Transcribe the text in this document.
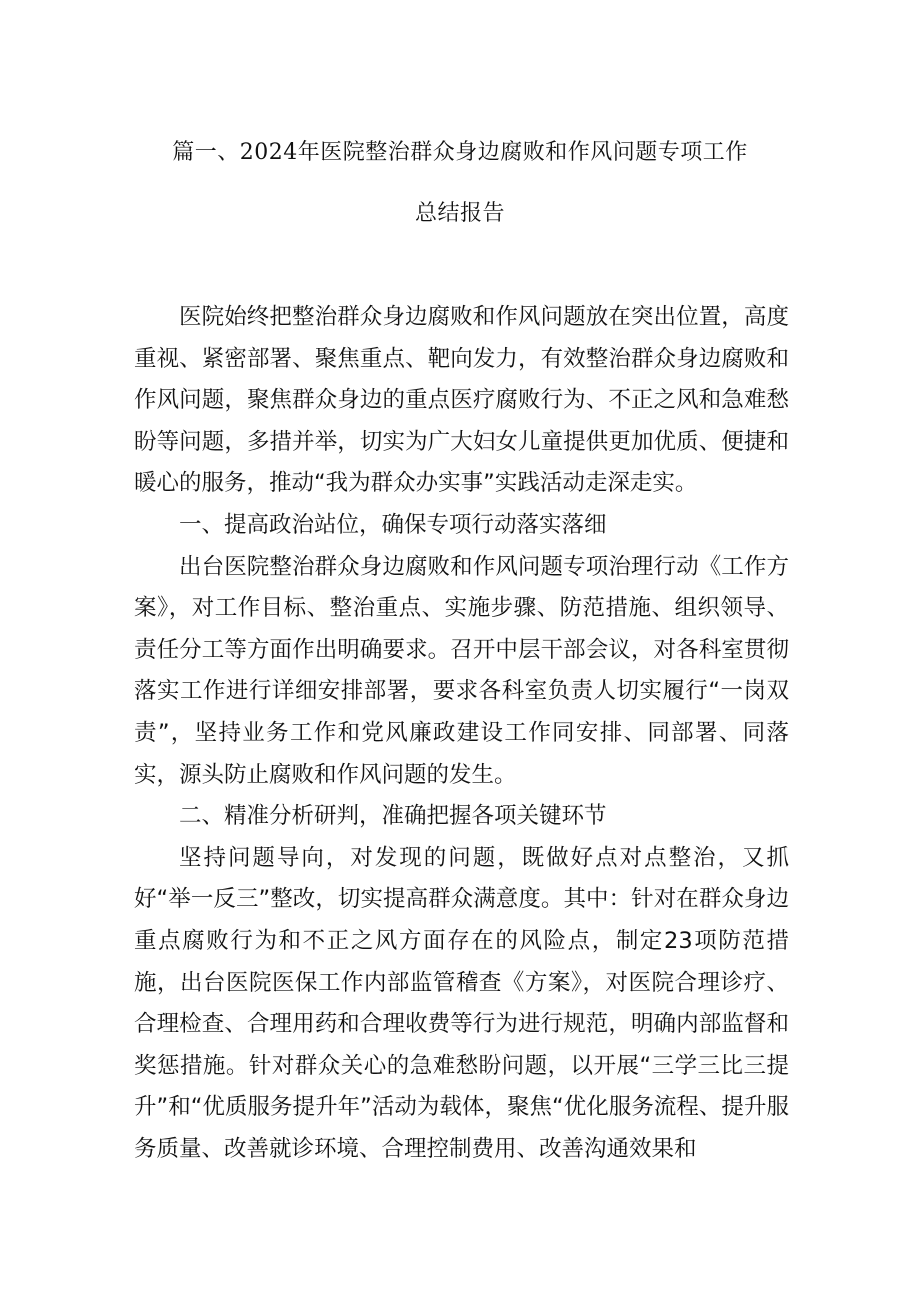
篇一、2024年医院整治群众身边腐败和作风问题专项工作
总结报告

医院始终把整治群众身边腐败和作风问题放在突出位置，高度重视、紧密部署、聚焦重点、靶向发力，有效整治群众身边腐败和作风问题，聚焦群众身边的重点医疗腐败行为、不正之风和急难愁盼等问题，多措并举，切实为广大妇女儿童提供更加优质、便捷和暖心的服务，推动“我为群众办实事”实践活动走深走实。

一、提高政治站位，确保专项行动落实落细

出台医院整治群众身边腐败和作风问题专项治理行动《工作方案》，对工作目标、整治重点、实施步骤、防范措施、组织领导、责任分工等方面作出明确要求。召开中层干部会议，对各科室贯彻落实工作进行详细安排部署，要求各科室负责人切实履行“一岗双责”，坚持业务工作和党风廉政建设工作同安排、同部署、同落实，源头防止腐败和作风问题的发生。

二、精准分析研判，准确把握各项关键环节

坚持问题导向，对发现的问题，既做好点对点整治，又抓好“举一反三”整改，切实提高群众满意度。其中：针对在群众身边重点腐败行为和不正之风方面存在的风险点，制定23项防范措施，出台医院医保工作内部监管稽查《方案》，对医院合理诊疗、合理检查、合理用药和合理收费等行为进行规范，明确内部监督和奖惩措施。针对群众关心的急难愁盼问题，以开展“三学三比三提升”和“优质服务提升年”活动为载体，聚焦“优化服务流程、提升服务质量、改善就诊环境、合理控制费用、改善沟通效果和
